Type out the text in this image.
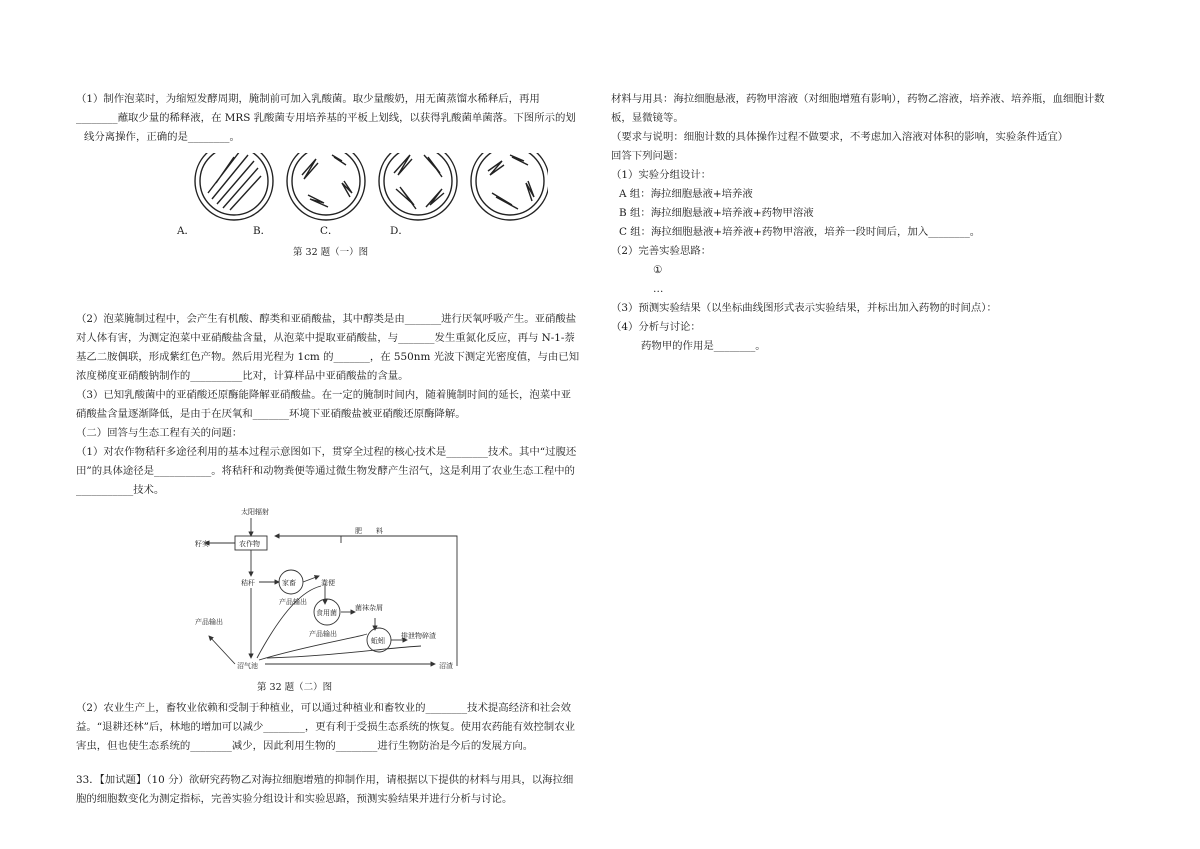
（1）制作泡菜时，为缩短发酵周期，腌制前可加入乳酸菌。取少量酸奶，用无菌蒸馏水稀释后，再用

________蘸取少量的稀释液，在 MRS 乳酸菌专用培养基的平板上划线，以获得乳酸菌单菌落。下图所示的划

线分离操作，正确的是________。

A．	B．	C．	D．
第 32 题（一）图

（2）泡菜腌制过程中，会产生有机酸、醇类和亚硝酸盐，其中醇类是由_______进行厌氧呼吸产生。亚硝酸盐

对人体有害，为测定泡菜中亚硝酸盐含量，从泡菜中提取亚硝酸盐，与_______发生重氮化反应，再与 N-1-萘

基乙二胺偶联，形成紫红色产物。然后用光程为 1cm 的_______，在 550nm 光波下测定光密度值，与由已知

浓度梯度亚硝酸钠制作的__________比对，计算样品中亚硝酸盐的含量。

（3）已知乳酸菌中的亚硝酸还原酶能降解亚硝酸盐。在一定的腌制时间内，随着腌制时间的延长，泡菜中亚

硝酸盐含量逐渐降低，是由于在厌氧和_______环境下亚硝酸盐被亚硝酸还原酶降解。

（二）回答与生态工程有关的问题：

（1）对农作物秸秆多途径利用的基本过程示意图如下，贯穿全过程的核心技术是________技术。其中“过腹还

田”的具体途径是___________。将秸秆和动物粪便等通过微生物发酵产生沼气，这是利用了农业生态工程中的

___________技术。

太阳辐射
农作物
籽实
肥　　料
秸秆	家畜	粪便
产品输出
食用菌
菌袜杂屑
产品输出
产品输出
蚯蚓
排泄物碎渣
沼气池	沼渣

第 32 题（二）图

（2）农业生产上，畜牧业依赖和受制于种植业，可以通过种植业和畜牧业的________技术提高经济和社会效

益。“退耕还林”后，林地的增加可以减少________，更有利于受损生态系统的恢复。使用农药能有效控制农业

害虫，但也使生态系统的________减少，因此利用生物的________进行生物防治是今后的发展方向。

33．【加试题】（10 分）欲研究药物乙对海拉细胞增殖的抑制作用，请根据以下提供的材料与用具，以海拉细

胞的细胞数变化为测定指标，完善实验分组设计和实验思路，预测实验结果并进行分析与讨论。

材料与用具：海拉细胞悬液，药物甲溶液（对细胞增殖有影响），药物乙溶液，培养液、培养瓶，血细胞计数

板，显微镜等。

（要求与说明：细胞计数的具体操作过程不做要求，不考虑加入溶液对体积的影响，实验条件适宜）

回答下列问题：

（1）实验分组设计：

A 组：海拉细胞悬液+培养液

B 组：海拉细胞悬液+培养液+药物甲溶液

C 组：海拉细胞悬液+培养液+药物甲溶液，培养一段时间后，加入________。

（2）完善实验思路：

①

…

（3）预测实验结果（以坐标曲线图形式表示实验结果，并标出加入药物的时间点）：

（4）分析与讨论：

药物甲的作用是________。
